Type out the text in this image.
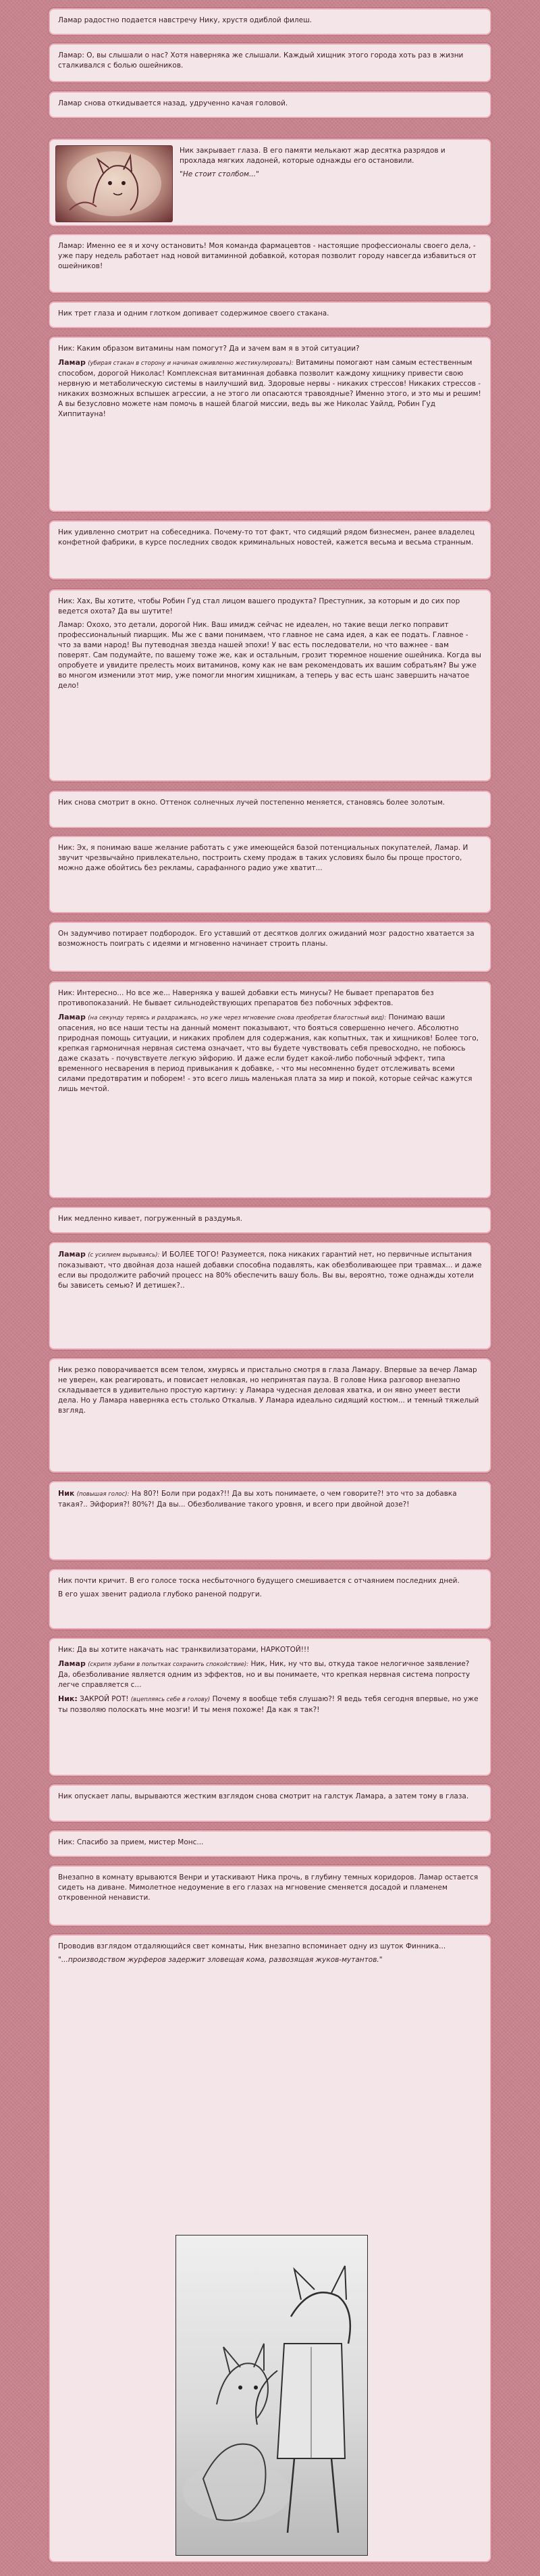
Ламар радостно подается навстречу Нику, хрустя одиблой филеш.

Ламар: О, вы слышали о нас? Хотя наверняка же слышали. Каждый хищник этого города хоть раз в жизни сталкивался с болью ошейников.

Ламар снова откидывается назад, удрученно качая головой.

Ник закрывает глаза. В его памяти мелькают жар десятка разрядов и прохлада мягких ладоней, которые однажды его остановили.

"Не стоит столбом..."

Ламар: Именно ее я и хочу остановить! Моя команда фармацевтов - настоящие профессионалы своего дела, - уже пару недель работает над новой витаминной добавкой, которая позволит городу навсегда избавиться от ошейников!

Ник трет глаза и одним глотком допивает содержимое своего стакана.

Ник: Каким образом витамины нам помогут? Да и зачем вам я в этой ситуации?

Ламар (убирая стакан в сторону и начиная оживленно жестикулировать): Витамины помогают нам самым естественным способом, дорогой Николас! Комплексная витаминная добавка позволит каждому хищнику привести свою нервную и метаболическую системы в наилучший вид. Здоровые нервы - никаких стрессов! Никаких стрессов - никаких возможных вспышек агрессии, а не этого ли опасаются травоядные? Именно этого, и это мы и решим! А вы безусловно можете нам помочь в нашей благой миссии, ведь вы же Николас Уайлд, Робин Гуд Хиппитауна!

Ник удивленно смотрит на собеседника. Почему-то тот факт, что сидящий рядом бизнесмен, ранее владелец конфетной фабрики, в курсе последних сводок криминальных новостей, кажется весьма и весьма странным.

Ник: Хах, Вы хотите, чтобы Робин Гуд стал лицом вашего продукта? Преступник, за которым и до сих пор ведется охота? Да вы шутите!

Ламар: Охохо, это детали, дорогой Ник. Ваш имидж сейчас не идеален, но такие вещи легко поправит профессиональный пиарщик. Мы же с вами понимаем, что главное не сама идея, а как ее подать. Главное - что за вами народ! Вы путеводная звезда нашей эпохи! У вас есть последователи, но что важнее - вам поверят. Сам подумайте, по вашему тоже же, как и остальным, грозит тюремное ношение ошейника. Когда вы опробуете и увидите прелесть моих витаминов, кому как не вам рекомендовать их вашим собратьям? Вы уже во многом изменили этот мир, уже помогли многим хищникам, а теперь у вас есть шанс завершить начатое дело!

Ник снова смотрит в окно. Оттенок солнечных лучей постепенно меняется, становясь более золотым.

Ник: Эх, я понимаю ваше желание работать с уже имеющейся базой потенциальных покупателей, Ламар. И звучит чрезвычайно привлекательно, построить схему продаж в таких условиях было бы проще простого, можно даже обойтись без рекламы, сарафанного радио уже хватит...

Он задумчиво потирает подбородок. Его уставший от десятков долгих ожиданий мозг радостно хватается за возможность поиграть с идеями и мгновенно начинает строить планы.

Ник: Интересно... Но все же... Наверняка у вашей добавки есть минусы? Не бывает препаратов без противопоказаний. Не бывает сильнодействующих препаратов без побочных эффектов.

Ламар (на секунду теряясь и раздражаясь, но уже через мгновение снова преобретая благостный вид): Понимаю ваши опасения, но все наши тесты на данный момент показывают, что бояться совершенно нечего. Абсолютно природная помощь ситуации, и никаких проблем для содержания, как копытных, так и хищников! Более того, крепкая гармоничная нервная система означает, что вы будете чувствовать себя превосходно, не побоюсь даже сказать - почувствуете легкую эйфорию. И даже если будет какой-либо побочный эффект, типа временного несварения в период привыкания к добавке, - что мы несомненно будет отслеживать всеми силами предотвратим и поборем! - это всего лишь маленькая плата за мир и покой, которые сейчас кажутся лишь мечтой.

Ник медленно кивает, погруженный в раздумья.

Ламар (с усилием вырываясь): И БОЛЕЕ ТОГО! Разумеется, пока никаких гарантий нет, но первичные испытания показывают, что двойная доза нашей добавки способна подавлять, как обезболивающее при травмах... и даже если вы продолжите рабочий процесс на 80% обеспечить вашу боль. Вы вы, вероятно, тоже однажды хотели бы зависеть семью? И детишек?..

Ник резко поворачивается всем телом, хмурясь и пристально смотря в глаза Ламару. Впервые за вечер Ламар не уверен, как реагировать, и повисает неловкая, но непринятая пауза. В голове Ника разговор внезапно складывается в удивительно простую картину: у Ламара чудесная деловая хватка, и он явно умеет вести дела. Но у Ламара наверняка есть столько Откалыв. У Ламара идеально сидящий костюм... и темный тяжелый взгляд.

Ник (повышая голос): На 80?! Боли при родах?!! Да вы хоть понимаете, о чем говорите?! это что за добавка такая?.. Эйфория?! 80%?! Да вы... Обезболивание такого уровня, и всего при двойной дозе?!

Ник почти кричит. В его голосе тоска несбыточного будущего смешивается с отчаянием последних дней.

В его ушах звенит радиола глубоко раненой подруги.

Ник: Да вы хотите накачать нас транквилизаторами, НАРКОТОЙ!!!

Ламар (скрипя зубами в попытках сохранить спокойствие): Ник, Ник, ну что вы, откуда такое нелогичное заявление? Да, обезболивание является одним из эффектов, но и вы понимаете, что крепкая нервная система попросту легче справляется с...

Ник: ЗАКРОЙ РОТ! (вцепляясь себе в голову) Почему я вообще тебя слушаю?! Я ведь тебя сегодня впервые, но уже ты позволяю полоскать мне мозги! И ты меня похоже! Да как я так?!

Ник опускает лапы, вырываются жестким взглядом снова смотрит на галстук Ламара, а затем тому в глаза.

Ник: Спасибо за прием, мистер Монс...

Внезапно в комнату врываются Венри и утаскивают Ника прочь, в глубину темных коридоров. Ламар остается сидеть на диване. Мимолетное недоумение в его глазах на мгновение сменяется досадой и пламенем откровенной ненависти.

Проводив взглядом отдаляющийся свет комнаты, Ник внезапно вспоминает одну из шуток Финника...

"...производством журферов задержит зловещая кома, развозящая жуков-мутантов."
